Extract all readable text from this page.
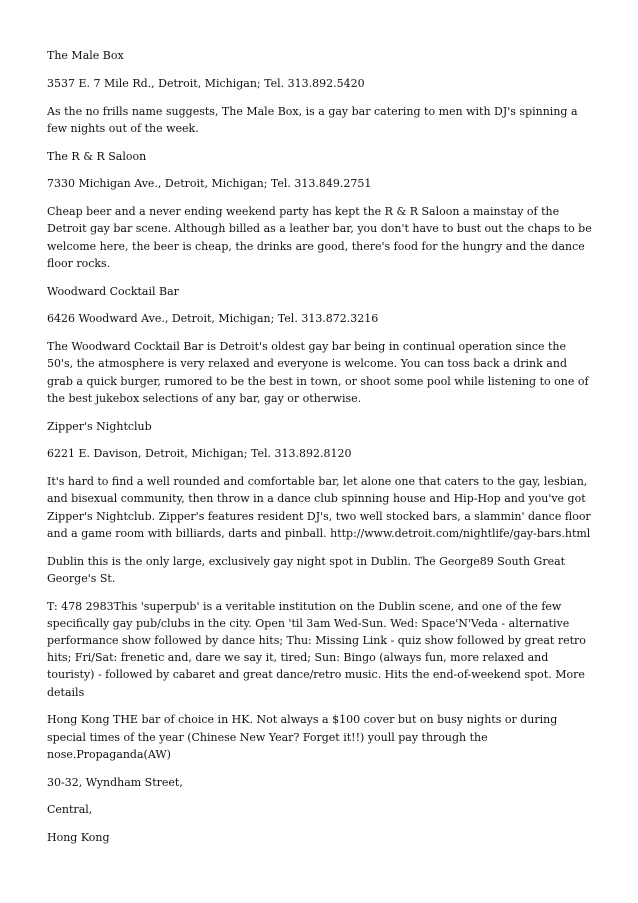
The Male Box

3537 E. 7 Mile Rd., Detroit, Michigan; Tel. 313.892.5420

As the no frills name suggests, The Male Box, is a gay bar catering to men with DJ's spinning a few nights out of the week.

The R & R Saloon

7330 Michigan Ave., Detroit, Michigan; Tel. 313.849.2751

Cheap beer and a never ending weekend party has kept the R & R Saloon a mainstay of the Detroit gay bar scene. Although billed as a leather bar, you don't have to bust out the chaps to be welcome here, the beer is cheap, the drinks are good, there's food for the hungry and the dance floor rocks.

Woodward Cocktail Bar

6426 Woodward Ave., Detroit, Michigan; Tel. 313.872.3216

The Woodward Cocktail Bar is Detroit's oldest gay bar being in continual operation since the 50's, the atmosphere is very relaxed and everyone is welcome. You can toss back a drink and grab a quick burger, rumored to be the best in town, or shoot some pool while listening to one of the best jukebox selections of any bar, gay or otherwise.

Zipper's Nightclub

6221 E. Davison, Detroit, Michigan; Tel. 313.892.8120

It's hard to find a well rounded and comfortable bar, let alone one that caters to the gay, lesbian, and bisexual community, then throw in a dance club spinning house and Hip-Hop and you've got Zipper's Nightclub. Zipper's features resident DJ's, two well stocked bars, a slammin' dance floor and a game room with billiards, darts and pinball. http://www.detroit.com/nightlife/gay-bars.html

Dublin this is the only large, exclusively gay night spot in Dublin. The George89 South Great George's St.

T: 478 2983This 'superpub' is a veritable institution on the Dublin scene, and one of the few specifically gay pub/clubs in the city. Open 'til 3am Wed-Sun. Wed: Space'N'Veda - alternative performance show followed by dance hits; Thu: Missing Link - quiz show followed by great retro hits; Fri/Sat: frenetic and, dare we say it, tired; Sun: Bingo (always fun, more relaxed and touristy) - followed by cabaret and great dance/retro music. Hits the end-of-weekend spot. More details

Hong Kong THE bar of choice in HK. Not always a $100 cover but on busy nights or during special times of the year (Chinese New Year? Forget it!!) youll pay through the nose.Propaganda(AW)

30-32, Wyndham Street,

Central,

Hong Kong
